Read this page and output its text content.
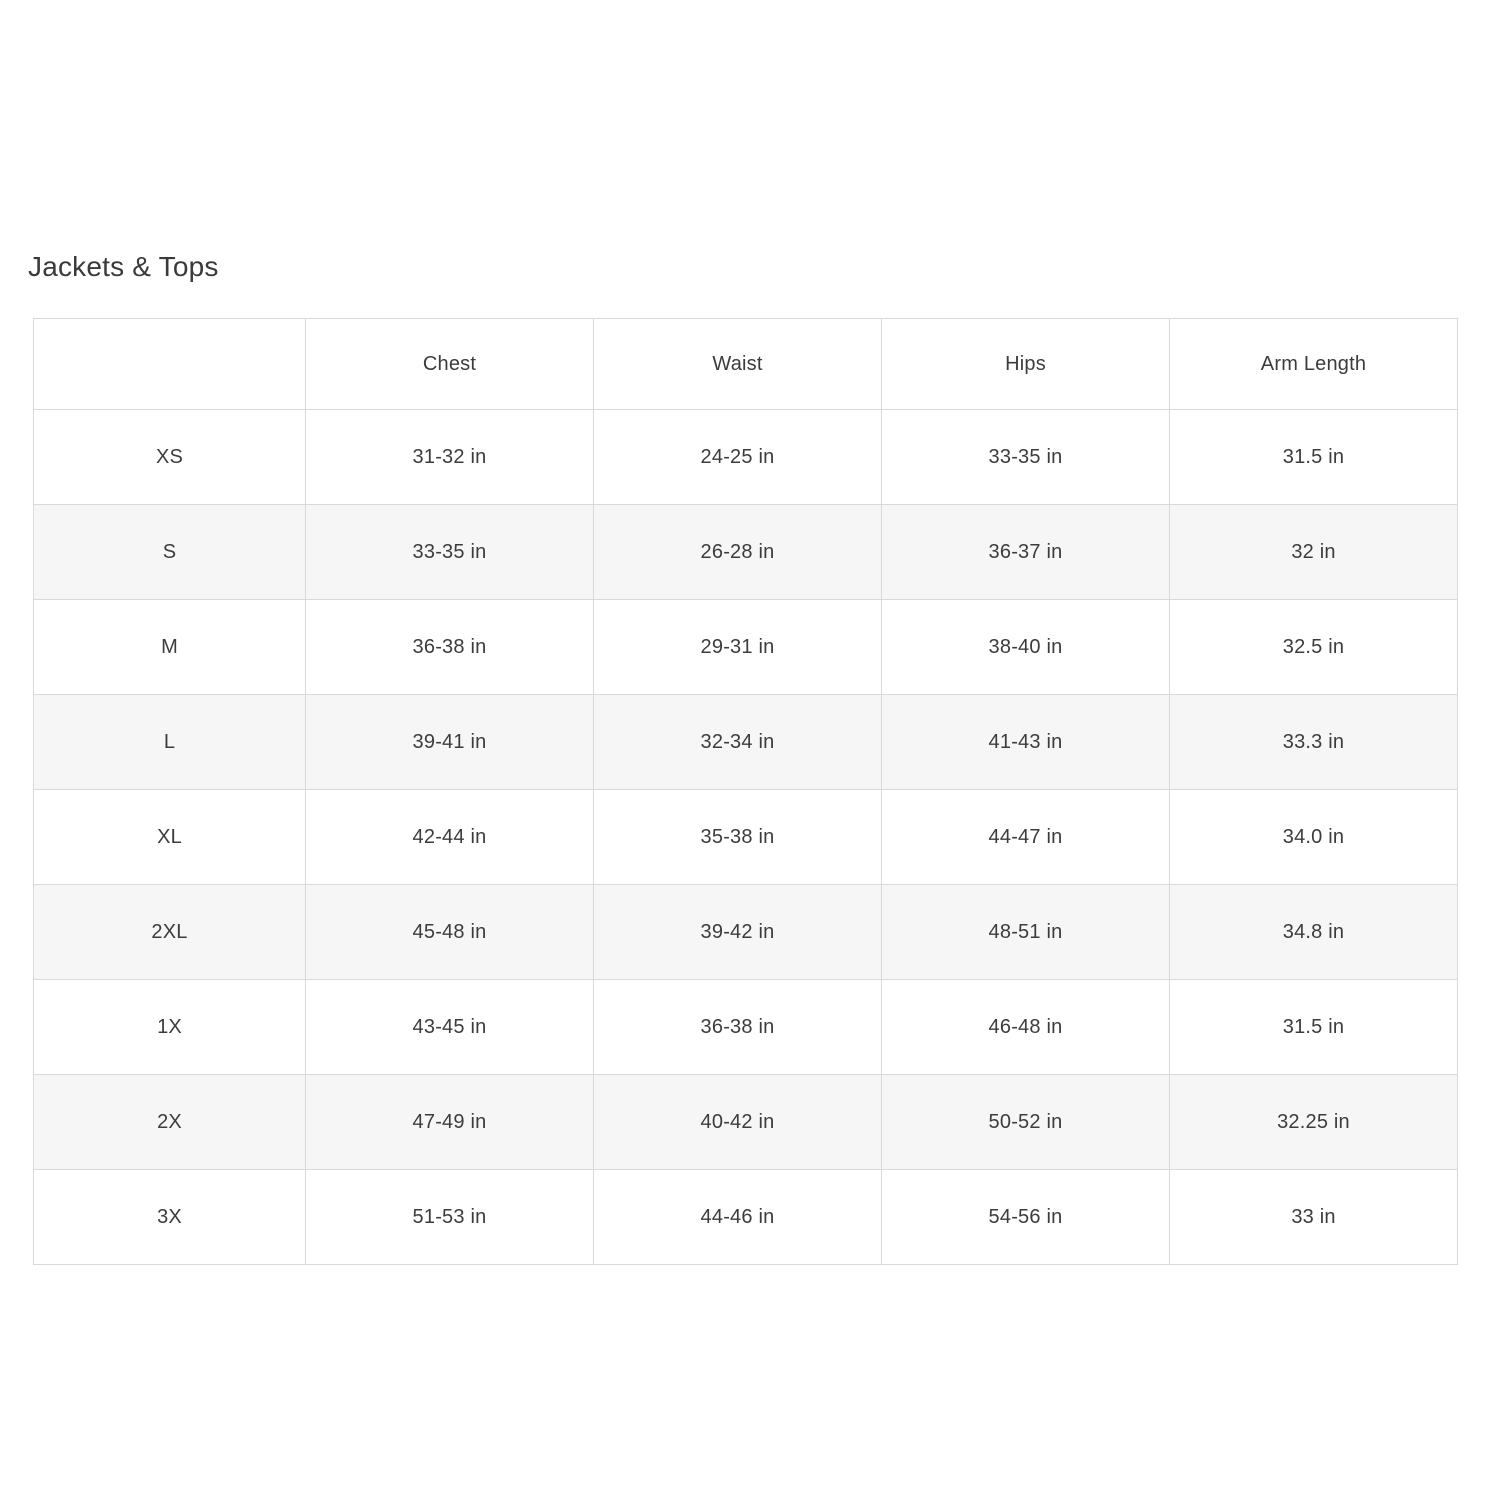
Jackets & Tops
	Chest	Waist	Hips	Arm Length
XS	31-32 in	24-25 in	33-35 in	31.5 in
S	33-35 in	26-28 in	36-37 in	32 in
M	36-38 in	29-31 in	38-40 in	32.5 in
L	39-41 in	32-34 in	41-43 in	33.3 in
XL	42-44 in	35-38 in	44-47 in	34.0 in
2XL	45-48 in	39-42 in	48-51 in	34.8 in
1X	43-45 in	36-38 in	46-48 in	31.5 in
2X	47-49 in	40-42 in	50-52 in	32.25 in
3X	51-53 in	44-46 in	54-56 in	33 in
